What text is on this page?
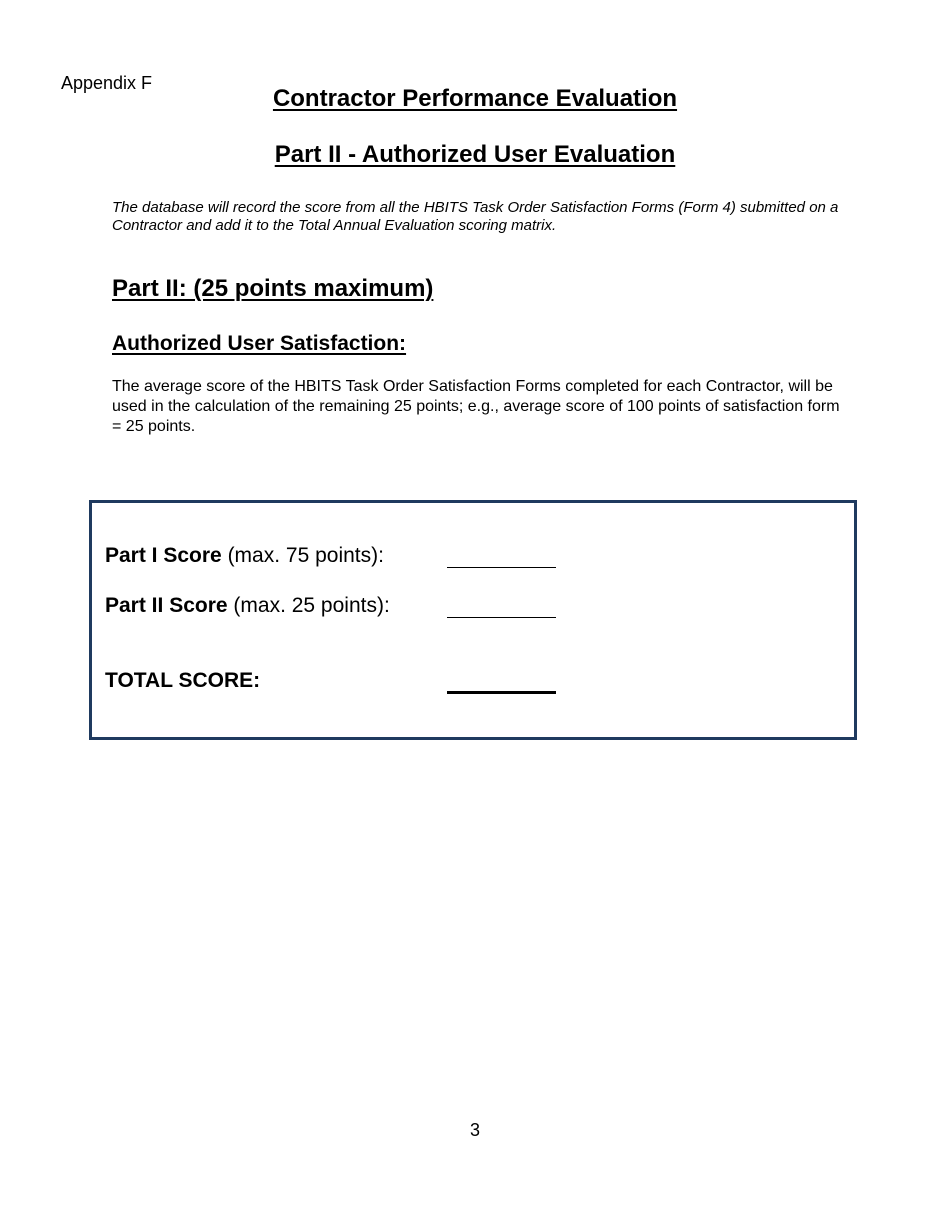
Appendix F
Contractor Performance Evaluation
Part II - Authorized User Evaluation
The database will record the score from all the HBITS Task Order Satisfaction Forms (Form 4) submitted on a Contractor and add it to the Total Annual Evaluation scoring matrix.
Part II: (25 points maximum)
Authorized User Satisfaction:
The average score of the HBITS Task Order Satisfaction Forms completed for each Contractor, will be used in the calculation of the remaining 25 points; e.g., average score of 100 points of satisfaction form = 25 points.
Part I Score (max. 75 points):
Part II Score (max. 25 points):
TOTAL SCORE:
3
